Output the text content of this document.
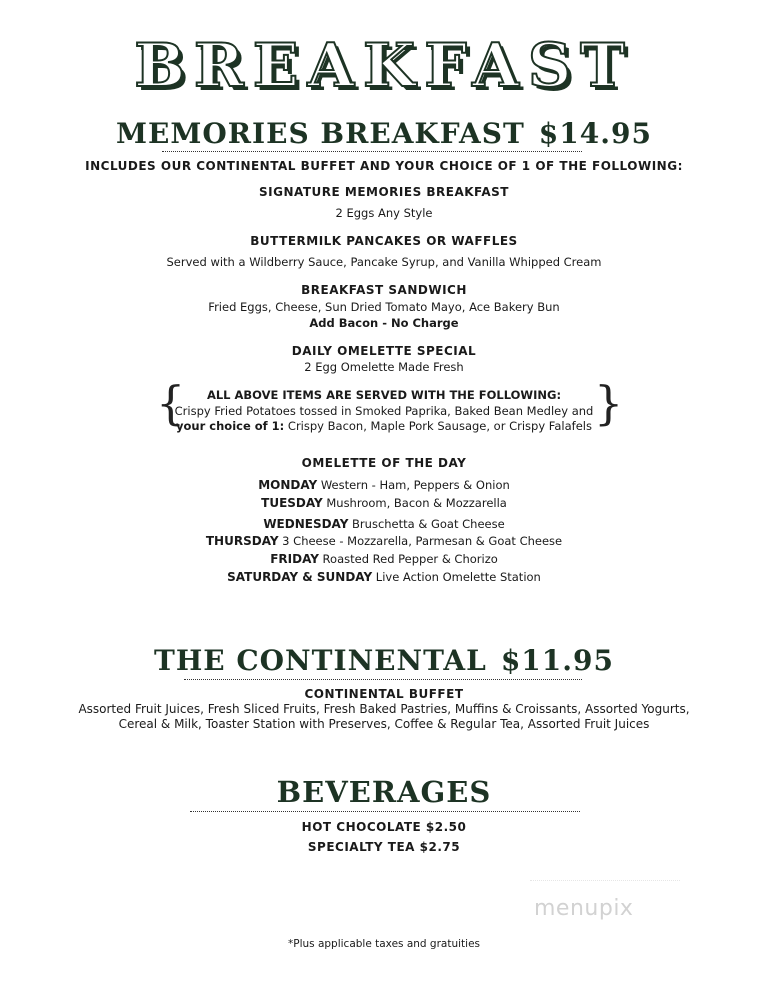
BREAKFAST
MEMORIES BREAKFAST $14.95
INCLUDES OUR CONTINENTAL BUFFET AND YOUR CHOICE OF 1 OF THE FOLLOWING:
SIGNATURE MEMORIES BREAKFAST
2 Eggs Any Style
BUTTERMILK PANCAKES OR WAFFLES
Served with a Wildberry Sauce, Pancake Syrup, and Vanilla Whipped Cream
BREAKFAST SANDWICH
Fried Eggs, Cheese, Sun Dried Tomato Mayo, Ace Bakery Bun
Add Bacon - No Charge
DAILY OMELETTE SPECIAL
2 Egg Omelette Made Fresh
{	}
ALL ABOVE ITEMS ARE SERVED WITH THE FOLLOWING:
Crispy Fried Potatoes tossed in Smoked Paprika, Baked Bean Medley and
your choice of 1: Crispy Bacon, Maple Pork Sausage, or Crispy Falafels
OMELETTE OF THE DAY
MONDAY Western - Ham, Peppers & Onion
TUESDAY Mushroom, Bacon & Mozzarella
WEDNESDAY Bruschetta & Goat Cheese
THURSDAY 3 Cheese - Mozzarella, Parmesan & Goat Cheese
FRIDAY Roasted Red Pepper & Chorizo
SATURDAY & SUNDAY Live Action Omelette Station
THE CONTINENTAL $11.95
CONTINENTAL BUFFET
Assorted Fruit Juices, Fresh Sliced Fruits, Fresh Baked Pastries, Muffins & Croissants, Assorted Yogurts,
Cereal & Milk, Toaster Station with Preserves, Coffee & Regular Tea, Assorted Fruit Juices
BEVERAGES
HOT CHOCOLATE $2.50
SPECIALTY TEA $2.75
menupix
*Plus applicable taxes and gratuities
